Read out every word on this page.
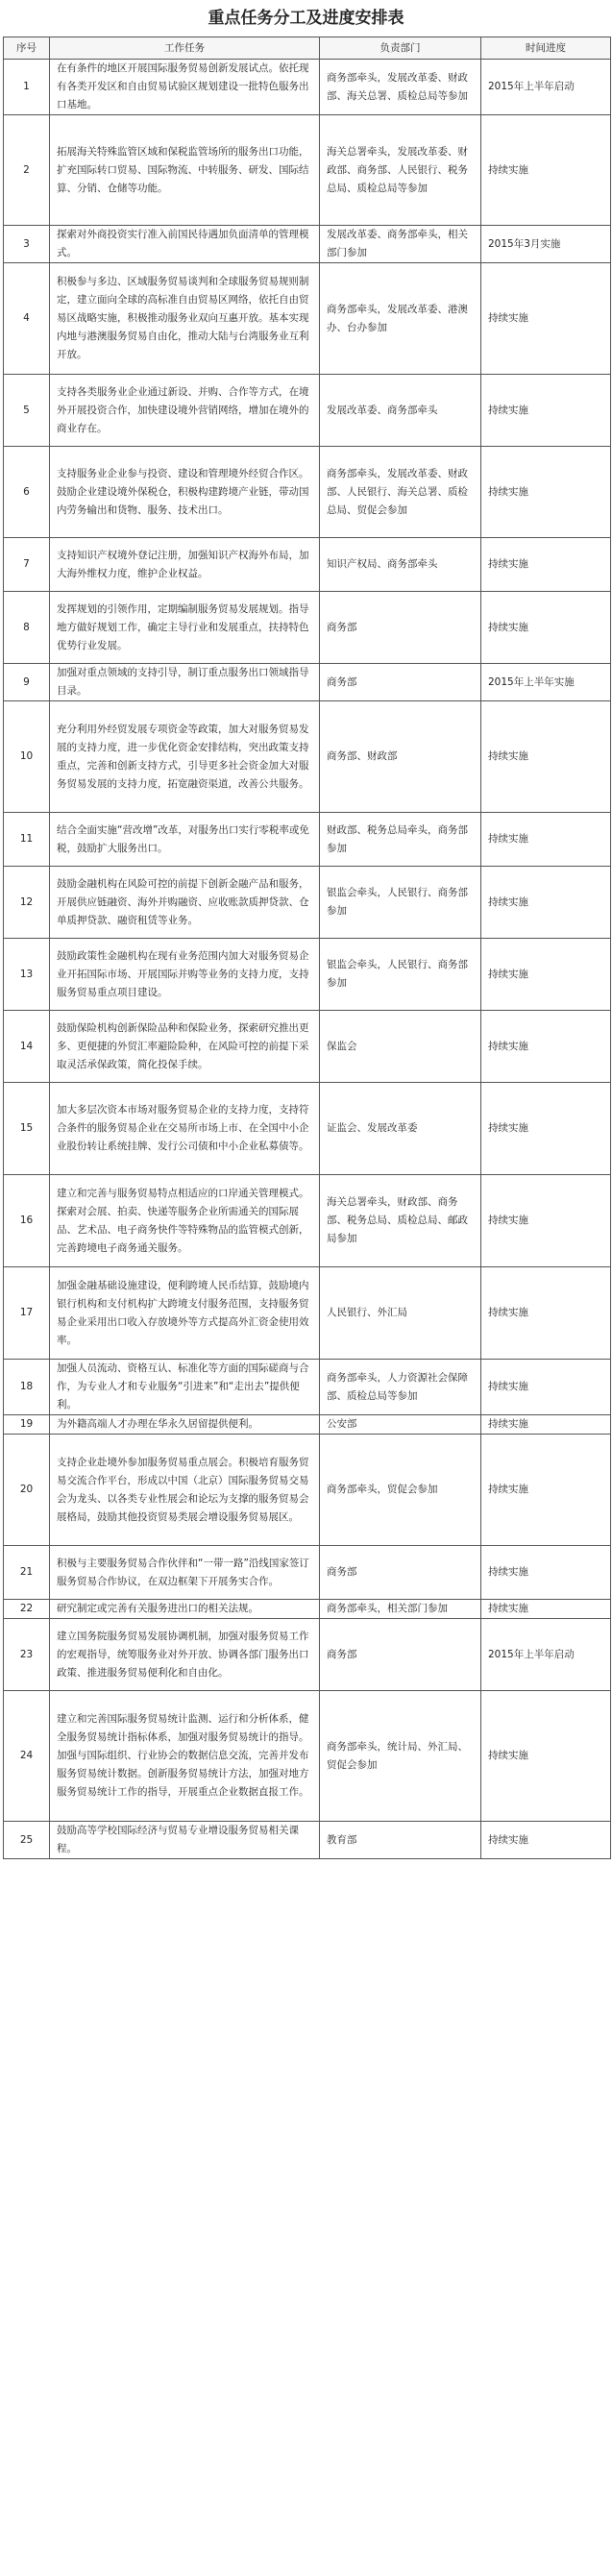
重点任务分工及进度安排表
序号	工作任务	负责部门	时间进度
1	在有条件的地区开展国际服务贸易创新发展试点。依托现有各类开发区和自由贸易试验区规划建设一批特色服务出口基地。	商务部牵头，发展改革委、财政部、海关总署、质检总局等参加	2015年上半年启动
2	拓展海关特殊监管区域和保税监管场所的服务出口功能，扩充国际转口贸易、国际物流、中转服务、研发、国际结算、分销、仓储等功能。	海关总署牵头，发展改革委、财政部、商务部、人民银行、税务总局、质检总局等参加	持续实施
3	探索对外商投资实行准入前国民待遇加负面清单的管理模式。	发展改革委、商务部牵头，相关部门参加	2015年3月实施
4	积极参与多边、区域服务贸易谈判和全球服务贸易规则制定，建立面向全球的高标准自由贸易区网络，依托自由贸易区战略实施，积极推动服务业双向互惠开放。基本实现内地与港澳服务贸易自由化，推动大陆与台湾服务业互利开放。	商务部牵头，发展改革委、港澳办、台办参加	持续实施
5	支持各类服务业企业通过新设、并购、合作等方式，在境外开展投资合作，加快建设境外营销网络，增加在境外的商业存在。	发展改革委、商务部牵头	持续实施
6	支持服务业企业参与投资、建设和管理境外经贸合作区。鼓励企业建设境外保税仓，积极构建跨境产业链，带动国内劳务输出和货物、服务、技术出口。	商务部牵头，发展改革委、财政部、人民银行、海关总署、质检总局、贸促会参加	持续实施
7	支持知识产权境外登记注册，加强知识产权海外布局，加大海外维权力度，维护企业权益。	知识产权局、商务部牵头	持续实施
8	发挥规划的引领作用，定期编制服务贸易发展规划。指导地方做好规划工作，确定主导行业和发展重点，扶持特色优势行业发展。	商务部	持续实施
9	加强对重点领域的支持引导，制订重点服务出口领域指导目录。	商务部	2015年上半年实施
10	充分利用外经贸发展专项资金等政策，加大对服务贸易发展的支持力度，进一步优化资金安排结构，突出政策支持重点，完善和创新支持方式，引导更多社会资金加大对服务贸易发展的支持力度，拓宽融资渠道，改善公共服务。	商务部、财政部	持续实施
11	结合全面实施“营改增”改革，对服务出口实行零税率或免税，鼓励扩大服务出口。	财政部、税务总局牵头，商务部参加	持续实施
12	鼓励金融机构在风险可控的前提下创新金融产品和服务，开展供应链融资、海外并购融资、应收账款质押贷款、仓单质押贷款、融资租赁等业务。	银监会牵头，人民银行、商务部参加	持续实施
13	鼓励政策性金融机构在现有业务范围内加大对服务贸易企业开拓国际市场、开展国际并购等业务的支持力度，支持服务贸易重点项目建设。	银监会牵头，人民银行、商务部参加	持续实施
14	鼓励保险机构创新保险品种和保险业务，探索研究推出更多、更便捷的外贸汇率避险险种，在风险可控的前提下采取灵活承保政策，简化投保手续。	保监会	持续实施
15	加大多层次资本市场对服务贸易企业的支持力度，支持符合条件的服务贸易企业在交易所市场上市、在全国中小企业股份转让系统挂牌、发行公司债和中小企业私募债等。	证监会、发展改革委	持续实施
16	建立和完善与服务贸易特点相适应的口岸通关管理模式。探索对会展、拍卖、快递等服务企业所需通关的国际展品、艺术品、电子商务快件等特殊物品的监管模式创新，完善跨境电子商务通关服务。	海关总署牵头，财政部、商务部、税务总局、质检总局、邮政局参加	持续实施
17	加强金融基础设施建设，便利跨境人民币结算，鼓励境内银行机构和支付机构扩大跨境支付服务范围，支持服务贸易企业采用出口收入存放境外等方式提高外汇资金使用效率。	人民银行、外汇局	持续实施
18	加强人员流动、资格互认、标准化等方面的国际磋商与合作，为专业人才和专业服务“引进来”和“走出去”提供便利。	商务部牵头，人力资源社会保障部、质检总局等参加	持续实施
19	为外籍高端人才办理在华永久居留提供便利。	公安部	持续实施
20	支持企业赴境外参加服务贸易重点展会。积极培育服务贸易交流合作平台，形成以中国（北京）国际服务贸易交易会为龙头、以各类专业性展会和论坛为支撑的服务贸易会展格局，鼓励其他投资贸易类展会增设服务贸易展区。	商务部牵头，贸促会参加	持续实施
21	积极与主要服务贸易合作伙伴和“一带一路”沿线国家签订服务贸易合作协议，在双边框架下开展务实合作。	商务部	持续实施
22	研究制定或完善有关服务进出口的相关法规。	商务部牵头，相关部门参加	持续实施
23	建立国务院服务贸易发展协调机制，加强对服务贸易工作的宏观指导，统筹服务业对外开放、协调各部门服务出口政策、推进服务贸易便利化和自由化。	商务部	2015年上半年启动
24	建立和完善国际服务贸易统计监测、运行和分析体系，健全服务贸易统计指标体系，加强对服务贸易统计的指导。加强与国际组织、行业协会的数据信息交流，完善并发布服务贸易统计数据。创新服务贸易统计方法，加强对地方服务贸易统计工作的指导，开展重点企业数据直报工作。	商务部牵头，统计局、外汇局、贸促会参加	持续实施
25	鼓励高等学校国际经济与贸易专业增设服务贸易相关课程。	教育部	持续实施
